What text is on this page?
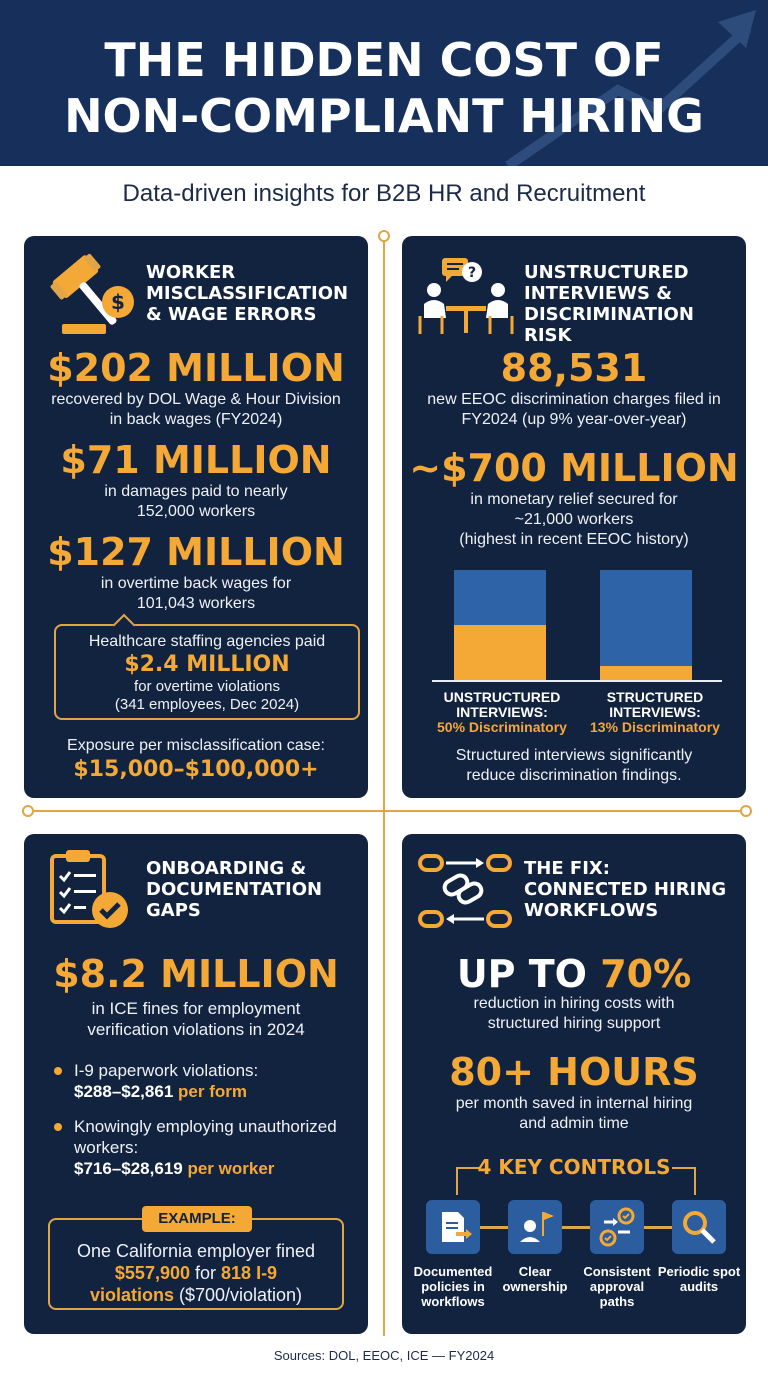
THE HIDDEN COST OF
NON-COMPLIANT HIRING
Data-driven insights for B2B HR and Recruitment
$
WORKER
MISCLASSIFICATION
& WAGE ERRORS
$202 MILLION
recovered by DOL Wage & Hour Division in back wages (FY2024)
$71 MILLION
in damages paid to nearly 152,000 workers
$127 MILLION
in overtime back wages for 101,043 workers
Healthcare staffing agencies paid
$2.4 MILLION
for overtime violations
(341 employees, Dec 2024)
Exposure per misclassification case:
$15,000–$100,000+
?	UNSTRUCTURED
INTERVIEWS &
DISCRIMINATION RISK
88,531
new EEOC discrimination charges filed in FY2024 (up 9% year-over-year)
~$700 MILLION
in monetary relief secured for
~21,000 workers
(highest in recent EEOC history)
UNSTRUCTURED INTERVIEWS:
50% Discriminatory
STRUCTURED INTERVIEWS:
13% Discriminatory
Structured interviews significantly reduce discrimination findings.
ONBOARDING &
DOCUMENTATION
GAPS
$8.2 MILLION
in ICE fines for employment verification violations in 2024
I-9 paperwork violations:
$288–$2,861 per form
Knowingly employing unauthorized workers:
$716–$28,619 per worker
One California employer fined
$557,900 for 818 I-9
violations ($700/violation)
EXAMPLE:
THE FIX:
CONNECTED HIRING
WORKFLOWS
UP TO 70%
reduction in hiring costs with structured hiring support
80+ HOURS
per month saved in internal hiring and admin time
4 KEY CONTROLS
Documented policies in workflows
Clear ownership
Consistent approval paths
Periodic spot audits
Sources: DOL, EEOC, ICE — FY2024
